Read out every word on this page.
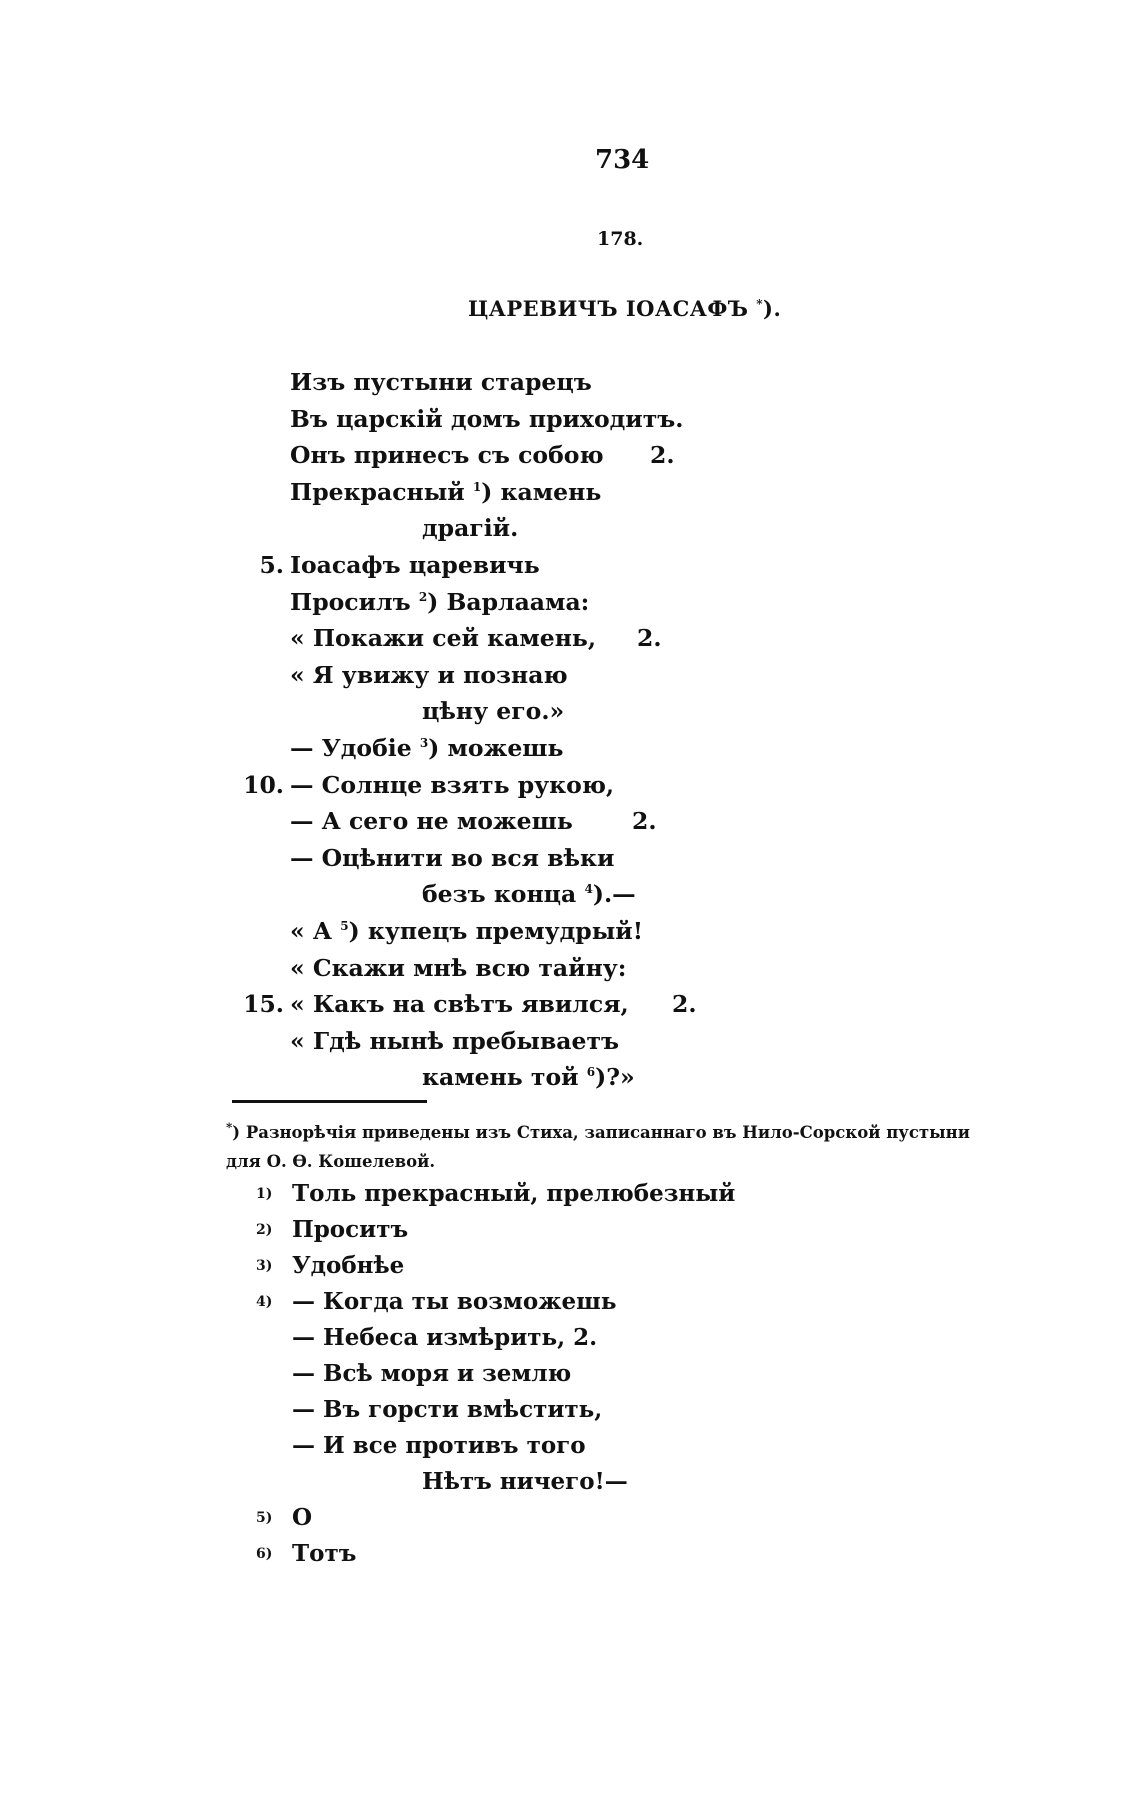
734
178.
ЦАРЕВИЧЪ ІОАСАФЪ *).
Изъ пустыни старецъ
Въ царскій домъ приходитъ.
Онъ принесъ съ собою 2.
Прекрасный $^1$) камень
драгій.
5. Іоасафъ царевичь
Просилъ $^2$) Варлаама:
« Покажи сей камень, 2.
« Я увижу и познаю
цѣну его.»
— Удобіе $^3$) можешь
10. — Солнце взять рукою,
— А сего не можешь	2.
— Оцѣнити во вся вѣки
безъ конца $^4$).—
« А $^5$) купецъ премудрый!
« Скажи мнѣ всю тайну:
15. « Какъ на свѣтъ явился, 2.
« Гдѣ нынѣ пребываетъ
камень той $^6$)?»
*) Разнорѣчія приведены изъ Стиха, записаннаго въ Нило-Сорской пустыни
для О. Ѳ. Кошелевой.
1) Толь прекрасный, прелюбезный
2) Проситъ
3) Удобнѣе
4) — Когда ты возможешь
— Небеса измѣрить, 2.
— Всѣ моря и землю
— Въ горсти вмѣстить,
— И все противъ того
Нѣтъ ничего!—
5) О
6) Тотъ
